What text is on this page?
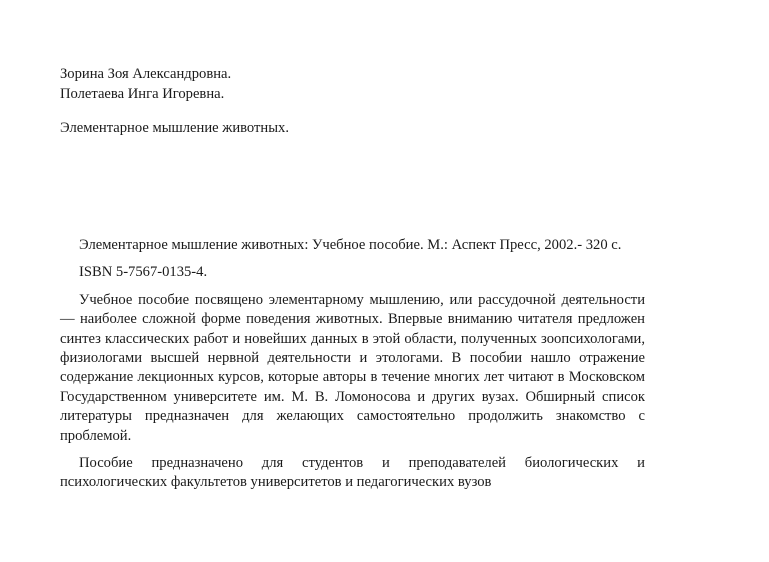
Зорина Зоя Александровна.
Полетаева Инга Игоревна.
Элементарное мышление животных.

Элементарное мышление животных: Учебное пособие. М.: Аспект Пресс, 2002.- 320 с.

ISBN 5-7567-0135-4.

Учебное пособие посвящено элементарному мышлению, или рассудочной деятельности — наиболее сложной форме поведения животных. Впервые вниманию читателя предложен синтез классических работ и новейших данных в этой области, полученных зоопсихологами, физиологами высшей нервной деятельности и этологами. В пособии нашло отражение содержание лекционных курсов, которые авторы в течение многих лет читают в Московском Государственном университете им. М. В. Ломоносова и других вузах. Обширный список литературы предназначен для желающих самостоятельно продолжить знакомство с проблемой.

Пособие предназначено для студентов и преподавателей биологических и психологических факультетов университетов и педагогических вузов
